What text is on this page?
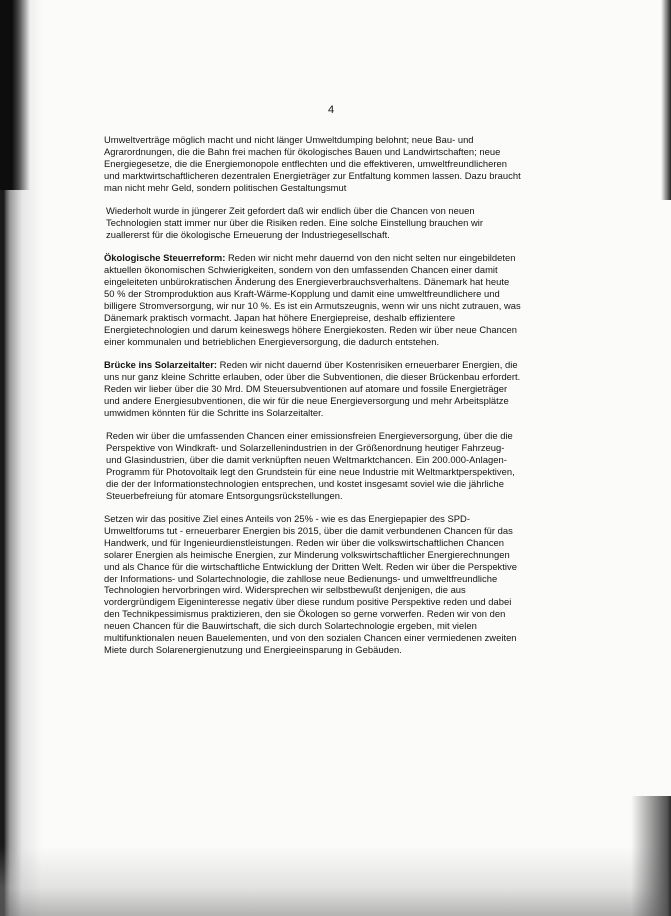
4

Umweltverträge möglich macht und nicht länger Umweltdumping belohnt; neue Bau- und Agrarordnungen, die die Bahn frei machen für ökologisches Bauen und Landwirtschaften; neue Energiegesetze, die die Energiemonopole entflechten und die effektiveren, umweltfreundlicheren und marktwirtschaftlicheren dezentralen Energieträger zur Entfaltung kommen lassen. Dazu braucht man nicht mehr Geld, sondern politischen Gestaltungsmut

Wiederholt wurde in jüngerer Zeit gefordert daß wir endlich über die Chancen von neuen Technologien statt immer nur über die Risiken reden. Eine solche Einstellung brauchen wir zuallererst für die ökologische Erneuerung der Industriegesellschaft.

Ökologische Steuerreform: Reden wir nicht mehr dauernd von den nicht selten nur eingebildeten aktuellen ökonomischen Schwierigkeiten, sondern von den umfassenden Chancen einer damit eingeleiteten unbürokratischen Änderung des Energieverbrauchsverhaltens. Dänemark hat heute 50 % der Stromproduktion aus Kraft-Wärme-Kopplung und damit eine umweltfreundlichere und billigere Stromversorgung, wir nur 10 %. Es ist ein Armutszeugnis, wenn wir uns nicht zutrauen, was Dänemark praktisch vormacht. Japan hat höhere Energiepreise, deshalb effizientere Energietechnologien und darum keineswegs höhere Energiekosten. Reden wir über neue Chancen einer kommunalen und betrieblichen Energieversorgung, die dadurch entstehen.

Brücke ins Solarzeitalter: Reden wir nicht dauernd über Kostenrisiken erneuerbarer Energien, die uns nur ganz kleine Schritte erlauben, oder über die Subventionen, die dieser Brückenbau erfordert. Reden wir lieber über die 30 Mrd. DM Steuersubventionen auf atomare und fossile Energieträger und andere Energiesubventionen, die wir für die neue Energieversorgung und mehr Arbeitsplätze umwidmen könnten für die Schritte ins Solarzeitalter.

Reden wir über die umfassenden Chancen einer emissionsfreien Energieversorgung, über die die Perspektive von Windkraft- und Solarzellenindustrien in der Größenordnung heutiger Fahrzeug- und Glasindustrien, über die damit verknüpften neuen Weltmarktchancen. Ein 200.000-Anlagen-Programm für Photovoltaik legt den Grundstein für eine neue Industrie mit Weltmarktperspektiven, die der der Informationstechnologien entsprechen, und kostet insgesamt soviel wie die jährliche Steuerbefreiung für atomare Entsorgungsrückstellungen.

Setzen wir das positive Ziel eines Anteils von 25% - wie es das Energiepapier des SPD-Umweltforums tut - erneuerbarer Energien bis 2015, über die damit verbundenen Chancen für das Handwerk, und für Ingenieurdienstleistungen. Reden wir über die volkswirtschaftlichen Chancen solarer Energien als heimische Energien, zur Minderung volkswirtschaftlicher Energierechnungen und als Chance für die wirtschaftliche Entwicklung der Dritten Welt. Reden wir über die Perspektive der Informations- und Solartechnologie, die zahllose neue Bedienungs- und umweltfreundliche Technologien hervorbringen wird. Widersprechen wir selbstbewußt denjenigen, die aus vordergründigem Eigeninteresse negativ über diese rundum positive Perspektive reden und dabei den Technikpessimismus praktizieren, den sie Ökologen so gerne vorwerfen. Reden wir von den neuen Chancen für die Bauwirtschaft, die sich durch Solartechnologie ergeben, mit vielen multifunktionalen neuen Bauelementen, und von den sozialen Chancen einer vermiedenen zweiten Miete durch Solarenergienutzung und Energieeinsparung in Gebäuden.
